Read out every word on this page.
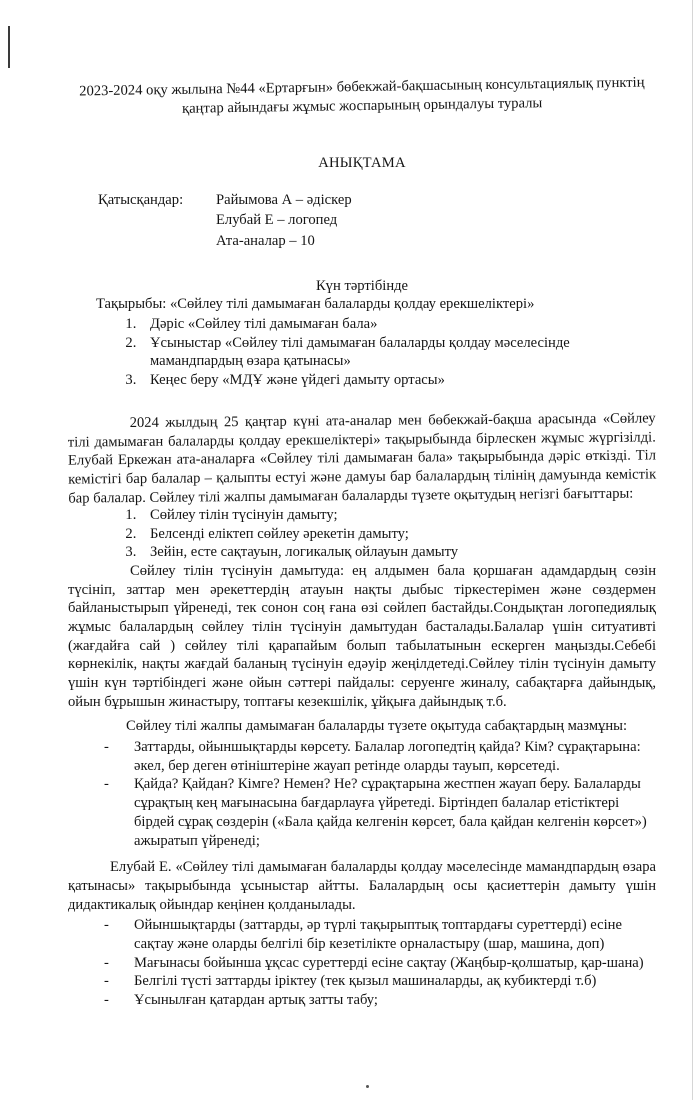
2023-2024 оқу жылына №44 «Ертарғын» бөбекжай-бақшасының консультациялық пунктің
қаңтар айындағы жұмыс жоспарының орындалуы туралы
АНЫҚТАМА
Қатысқандар:	Райымова А – әдіскер
Елубай Е – логопед
Ата-аналар – 10
Күн тәртібінде
Тақырыбы: «Сөйлеу тілі дамымаған балаларды қолдау ерекшеліктері»
1. Дәріс «Сөйлеу тілі дамымаған бала»
2. Ұсыныстар «Сөйлеу тілі дамымаған балаларды қолдау мәселесінде мамандпардың өзара қатынасы»
3. Кеңес беру «МДҰ және үйдегі дамыту ортасы»
2024 жылдың 25 қаңтар күні ата-аналар мен бөбекжай-бақша арасында «Сөйлеу тілі дамымаған балаларды қолдау ерекшеліктері» тақырыбында бірлескен жұмыс жүргізілді. Елубай Еркежан ата-аналарға «Сөйлеу тілі дамымаған бала» тақырыбында дәріс өткізді. Тіл кемістігі бар балалар – қалыпты естуі және дамуы бар балалардың тілінің дамуында кемістік бар балалар. Сөйлеу тілі жалпы дамымаған балаларды түзете оқытудың негізгі бағыттары:
1. Сөйлеу тілін түсінуін дамыту;
2. Белсенді еліктеп сөйлеу әрекетін дамыту;
3. Зейін, есте сақтауын, логикалық ойлауын дамыту
Сөйлеу тілін түсінуін дамытуда: ең алдымен бала қоршаған адамдардың сөзін түсініп, заттар мен әрекеттердің атауын нақты дыбыс тіркестерімен және сөздермен байланыстырып үйренеді, тек сонон соң ғана өзі сөйлеп бастайды.Сондықтан логопедиялық жұмыс балалардың сөйлеу тілін түсінуін дамытудан басталады.Балалар үшін ситуативті (жағдайға сай ) сөйлеу тілі қарапайым болып табылатынын ескерген маңызды.Себебі көрнекілік, нақты жағдай баланың түсінуін едәуір жеңілдетеді.Сөйлеу тілін түсінуін дамыту үшін күн тәртібіндегі және ойын сәттері пайдалы: серуенге жиналу, сабақтарға дайындық, ойын бұрышын жинастыру, топтағы кезекшілік, ұйқыға дайындық т.б.
Сөйлеу тілі жалпы дамымаған балаларды түзете оқытуда сабақтардың мазмұны:
- Заттарды, ойыншықтарды көрсету. Балалар логопедтің қайда? Кім? сұрақтарына: әкел, бер деген өтініштеріне жауап ретінде оларды тауып, көрсетеді.
- Қайда? Қайдан? Кімге? Немен? Не? сұрақтарына жестпен жауап беру. Балаларды сұрақтың кең мағынасына бағдарлауға үйретеді. Біртіндеп балалар етістіктері бірдей сұрақ сөздерін («Бала қайда келгенін көрсет, бала қайдан келгенін көрсет») ажыратып үйренеді;
Елубай Е. «Сөйлеу тілі дамымаған балаларды қолдау мәселесінде мамандпардың өзара қатынасы» тақырыбында ұсыныстар айтты. Балалардың осы қасиеттерін дамыту үшін дидактикалық ойындар кеңінен қолданылады.
- Ойыншықтарды (заттарды, әр түрлі тақырыптық топтардағы суреттерді) есіне сақтау және оларды белгілі бір кезетілікте орналастыру (шар, машина, доп)
- Мағынасы бойынша ұқсас суреттерді есіне сақтау (Жаңбыр-қолшатыр, қар-шана)
- Белгілі түсті заттарды іріктеу (тек қызыл машиналарды, ақ кубиктерді т.б)
- Ұсынылған қатардан артық затты табу;
